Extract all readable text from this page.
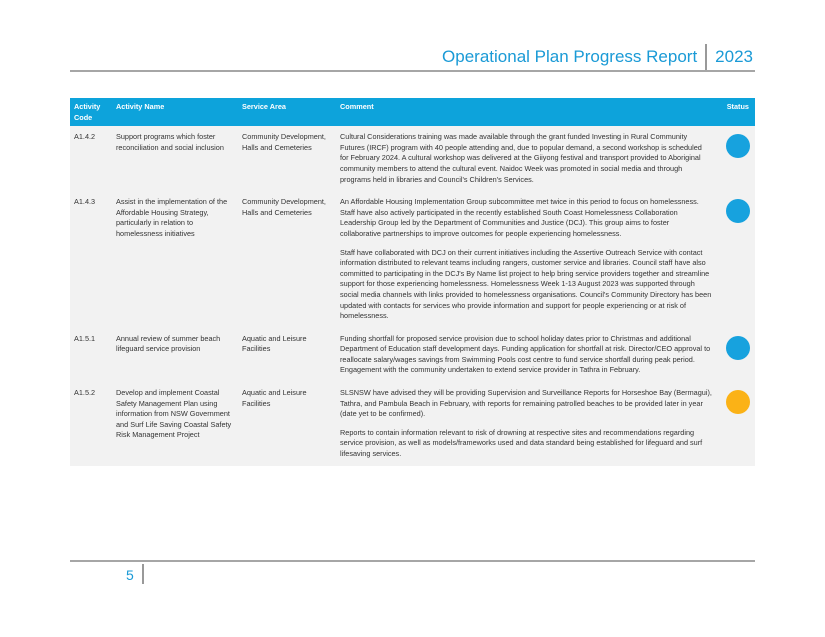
Operational Plan Progress Report	2023
Activity Code	Activity Name	Service Area	Comment	Status
A1.4.2	Support programs which foster reconciliation and social inclusion	Community Development, Halls and Cemeteries	Cultural Considerations training was made available through the grant funded Investing in Rural Community Futures (IRCF) program with 40 people attending and, due to popular demand, a second workshop is scheduled for February 2024. A cultural workshop was delivered at the Giiyong festival and transport provided to Aboriginal community members to attend the cultural event. Naidoc Week was promoted in social media and through programs held in libraries and Council's Children's Services.	

A1.4.3	Assist in the implementation of the Affordable Housing Strategy, particularly in relation to homelessness initiatives	Community Development, Halls and Cemeteries	An Affordable Housing Implementation Group subcommittee met twice in this period to focus on homelessness. Staff have also actively participated in the recently established South Coast Homelessness Collaboration Leadership Group led by the Department of Communities and Justice (DCJ). This group aims to foster collaborative partnerships to improve outcomes for people experiencing homelessness.

Staff have collaborated with DCJ on their current initiatives including the Assertive Outreach Service with contact information distributed to relevant teams including rangers, customer service and libraries. Council staff have also committed to participating in the DCJ's By Name list project to help bring service providers together and streamline support for those experiencing homelessness. Homelessness Week 1-13 August 2023 was supported through social media channels with links provided to homelessness organisations. Council's Community Directory has been updated with contacts for services who provide information and support for people experiencing or at risk of homelessness.	

A1.5.1	Annual review of summer beach lifeguard service provision	Aquatic and Leisure Facilities	Funding shortfall for proposed service provision due to school holiday dates prior to Christmas and additional Department of Education staff development days. Funding application for shortfall at risk. Director/CEO approval to reallocate salary/wages savings from Swimming Pools cost centre to fund service shortfall during peak period. Engagement with the community undertaken to extend service provider in Tathra in February.	

A1.5.2	Develop and implement Coastal Safety Management Plan using information from NSW Government and Surf Life Saving Coastal Safety Risk Management Project	Aquatic and Leisure Facilities	SLSNSW have advised they will be providing Supervision and Surveillance Reports for Horseshoe Bay (Bermagui), Tathra, and Pambula Beach in February, with reports for remaining patrolled beaches to be provided later in year (date yet to be confirmed).

Reports to contain information relevant to risk of drowning at respective sites and recommendations regarding service provision, as well as models/frameworks used and data standard being established for lifeguard and surf lifesaving services.	

5
